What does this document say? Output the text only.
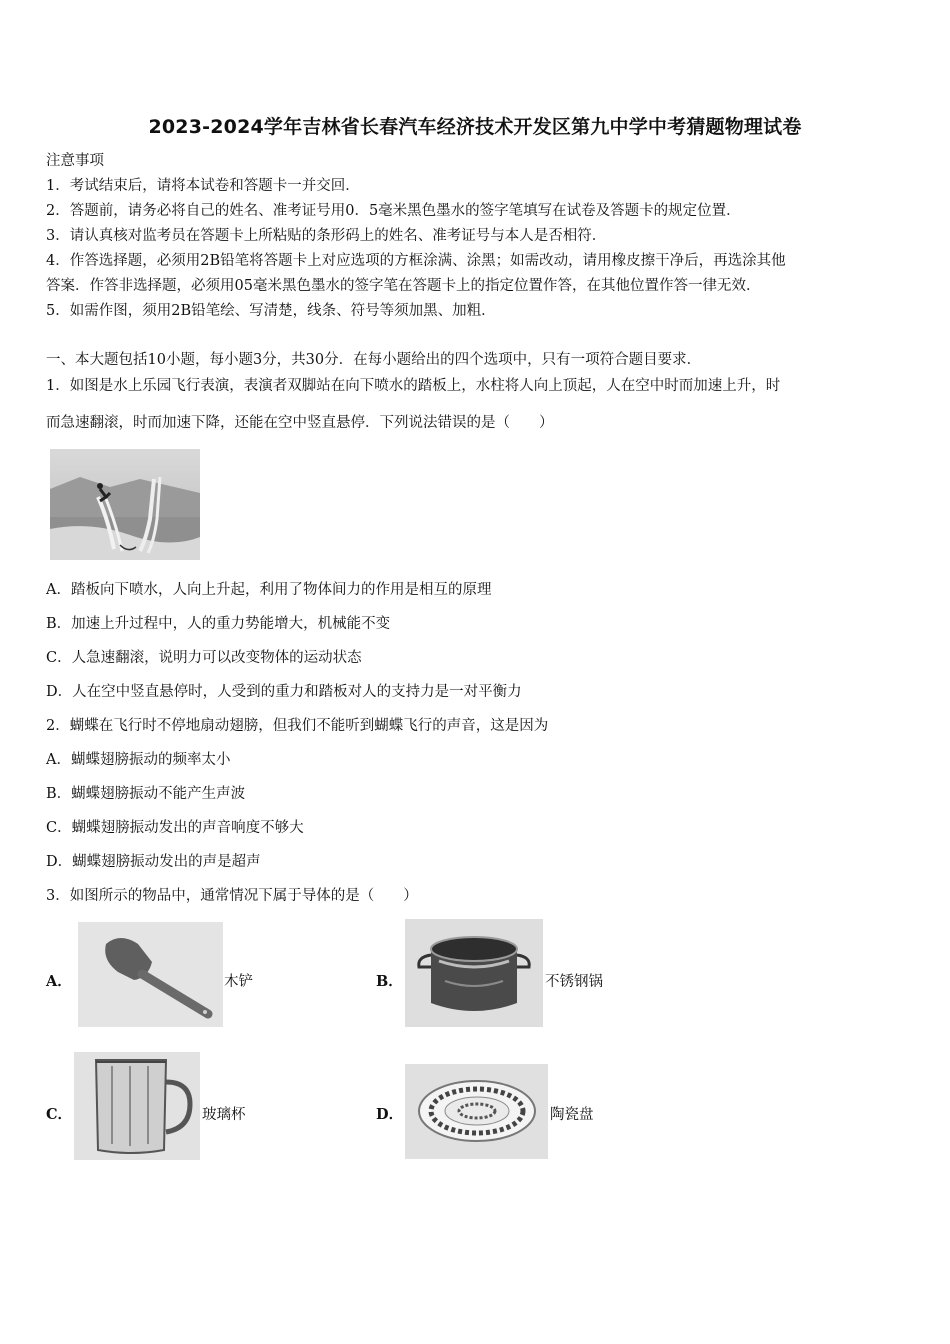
2023-2024学年吉林省长春汽车经济技术开发区第九中学中考猜题物理试卷
注意事项
1．考试结束后，请将本试卷和答题卡一并交回．
2．答题前，请务必将自己的姓名、准考证号用0．5毫米黑色墨水的签字笔填写在试卷及答题卡的规定位置．
3．请认真核对监考员在答题卡上所粘贴的条形码上的姓名、准考证号与本人是否相符．
4．作答选择题，必须用2B铅笔将答题卡上对应选项的方框涂满、涂黑；如需改动，请用橡皮擦干净后，再选涂其他
答案．作答非选择题，必须用05毫米黑色墨水的签字笔在答题卡上的指定位置作答，在其他位置作答一律无效．
5．如需作图，须用2B铅笔绘、写清楚，线条、符号等须加黑、加粗．
一、本大题包括10小题，每小题3分，共30分．在每小题给出的四个选项中，只有一项符合题目要求．
1．如图是水上乐园飞行表演，表演者双脚站在向下喷水的踏板上，水柱将人向上顶起，人在空中时而加速上升，时
而急速翻滚，时而加速下降，还能在空中竖直悬停．下列说法错误的是（　　）
A．踏板向下喷水，人向上升起，利用了物体间力的作用是相互的原理
B．加速上升过程中，人的重力势能增大，机械能不变
C．人急速翻滚，说明力可以改变物体的运动状态
D．人在空中竖直悬停时，人受到的重力和踏板对人的支持力是一对平衡力
2．蝴蝶在飞行时不停地扇动翅膀，但我们不能听到蝴蝶飞行的声音，这是因为
A．蝴蝶翅膀振动的频率太小
B．蝴蝶翅膀振动不能产生声波
C．蝴蝶翅膀振动发出的声音响度不够大
D．蝴蝶翅膀振动发出的声是超声
3．如图所示的物品中，通常情况下属于导体的是（　　）
A．	木铲	B．	不锈钢锅
C．	玻璃杯	D．	陶瓷盘
